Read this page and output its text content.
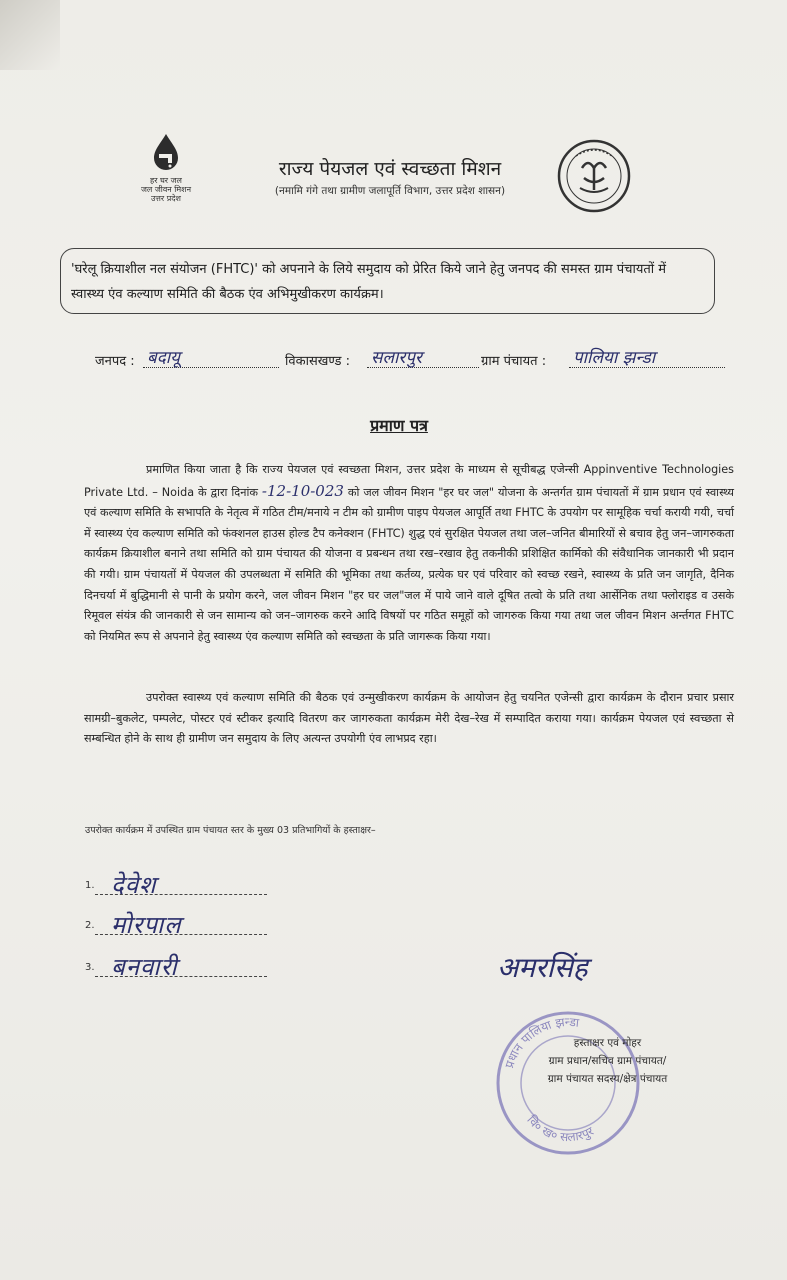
हर घर जल
जल जीवन मिशन
उत्तर प्रदेश
राज्य पेयजल एवं स्वच्छता मिशन
(नमामि गंगे तथा ग्रामीण जलापूर्ति विभाग, उत्तर प्रदेश शासन)
'घरेलू क्रियाशील नल संयोजन (FHTC)' को अपनाने के लिये समुदाय को प्रेरित किये जाने हेतु जनपद की समस्त ग्राम पंचायतों में स्वास्थ्य एंव कल्याण समिति की बैठक एंव अभिमुखीकरण कार्यक्रम।
जनपद : बदायू	विकासखण्ड : सलारपुर	ग्राम पंचायत : पालिया झन्डा
प्रमाण पत्र
प्रमाणित किया जाता है कि राज्य पेयजल एवं स्वच्छता मिशन, उत्तर प्रदेश के माध्यम से सूचीबद्ध एजेन्सी Appinventive Technologies Private Ltd. – Noida के द्वारा दिनांक -12-10-023 को जल जीवन मिशन "हर घर जल" योजना के अन्तर्गत ग्राम पंचायतों में ग्राम प्रधान एवं स्वास्थ्य एवं कल्याण समिति के सभापति के नेतृत्व में गठित टीम/मनाये न टीम को ग्रामीण पाइप पेयजल आपूर्ति तथा FHTC के उपयोग पर सामूहिक चर्चा करायी गयी, चर्चा में स्वास्थ्य एंव कल्याण समिति को फंक्शनल हाउस होल्ड टैप कनेक्शन (FHTC) शुद्ध एवं सुरक्षित पेयजल तथा जल–जनित बीमारियों से बचाव हेतु जन–जागरुकता कार्यक्रम क्रियाशील बनाने तथा समिति को ग्राम पंचायत की योजना व प्रबन्धन तथा रख–रखाव हेतु तकनीकी प्रशिक्षित कार्मिको की संवैधानिक जानकारी भी प्रदान की गयी। ग्राम पंचायतों में पेयजल की उपलब्धता में समिति की भूमिका तथा कर्तव्य, प्रत्येक घर एवं परिवार को स्वच्छ रखने, स्वास्थ्य के प्रति जन जागृति, दैनिक दिनचर्या में बुद्धिमानी से पानी के प्रयोग करने, जल जीवन मिशन "हर घर जल"जल में पाये जाने वाले दूषित तत्वो के प्रति तथा आर्सेनिक तथा फ्लोराइड व उसके रिमूवल संयंत्र की जानकारी से जन सामान्य को जन–जागरुक करने आदि विषयों पर गठित समूहों को जागरुक किया गया तथा जल जीवन मिशन अर्न्तगत FHTC को नियमित रूप से अपनाने हेतु स्वास्थ्य एंव कल्याण समिति को स्वच्छता के प्रति जागरूक किया गया।
उपरोक्त स्वास्थ्य एवं कल्याण समिति की बैठक एवं उन्मुखीकरण कार्यक्रम के आयोजन हेतु चयनित एजेन्सी द्वारा कार्यक्रम के दौरान प्रचार प्रसार सामग्री–बुकलेट, पम्पलेट, पोस्टर एवं स्टीकर इत्यादि वितरण कर जागरुकता कार्यक्रम मेरी देख–रेख में सम्पादित कराया गया। कार्यक्रम पेयजल एवं स्वच्छता से सम्बन्धित होने के साथ ही ग्रामीण जन समुदाय के लिए अत्यन्त उपयोगी एंव लाभप्रद रहा।
उपरोक्त कार्यक्रम में उपस्थित ग्राम पंचायत स्तर के मुख्य 03 प्रतिभागियों के हस्ताक्षर–
1. देवेश
2. मोरपाल
3. बनवारी
प्रधान पालिया झन्डा
वि० ख० सलारपुर
अमरसिंह
हस्ताक्षर एवं मोहर
ग्राम प्रधान/सचिव ग्राम पंचायत/
ग्राम पंचायत सदस्य/क्षेत्र पंचायत
